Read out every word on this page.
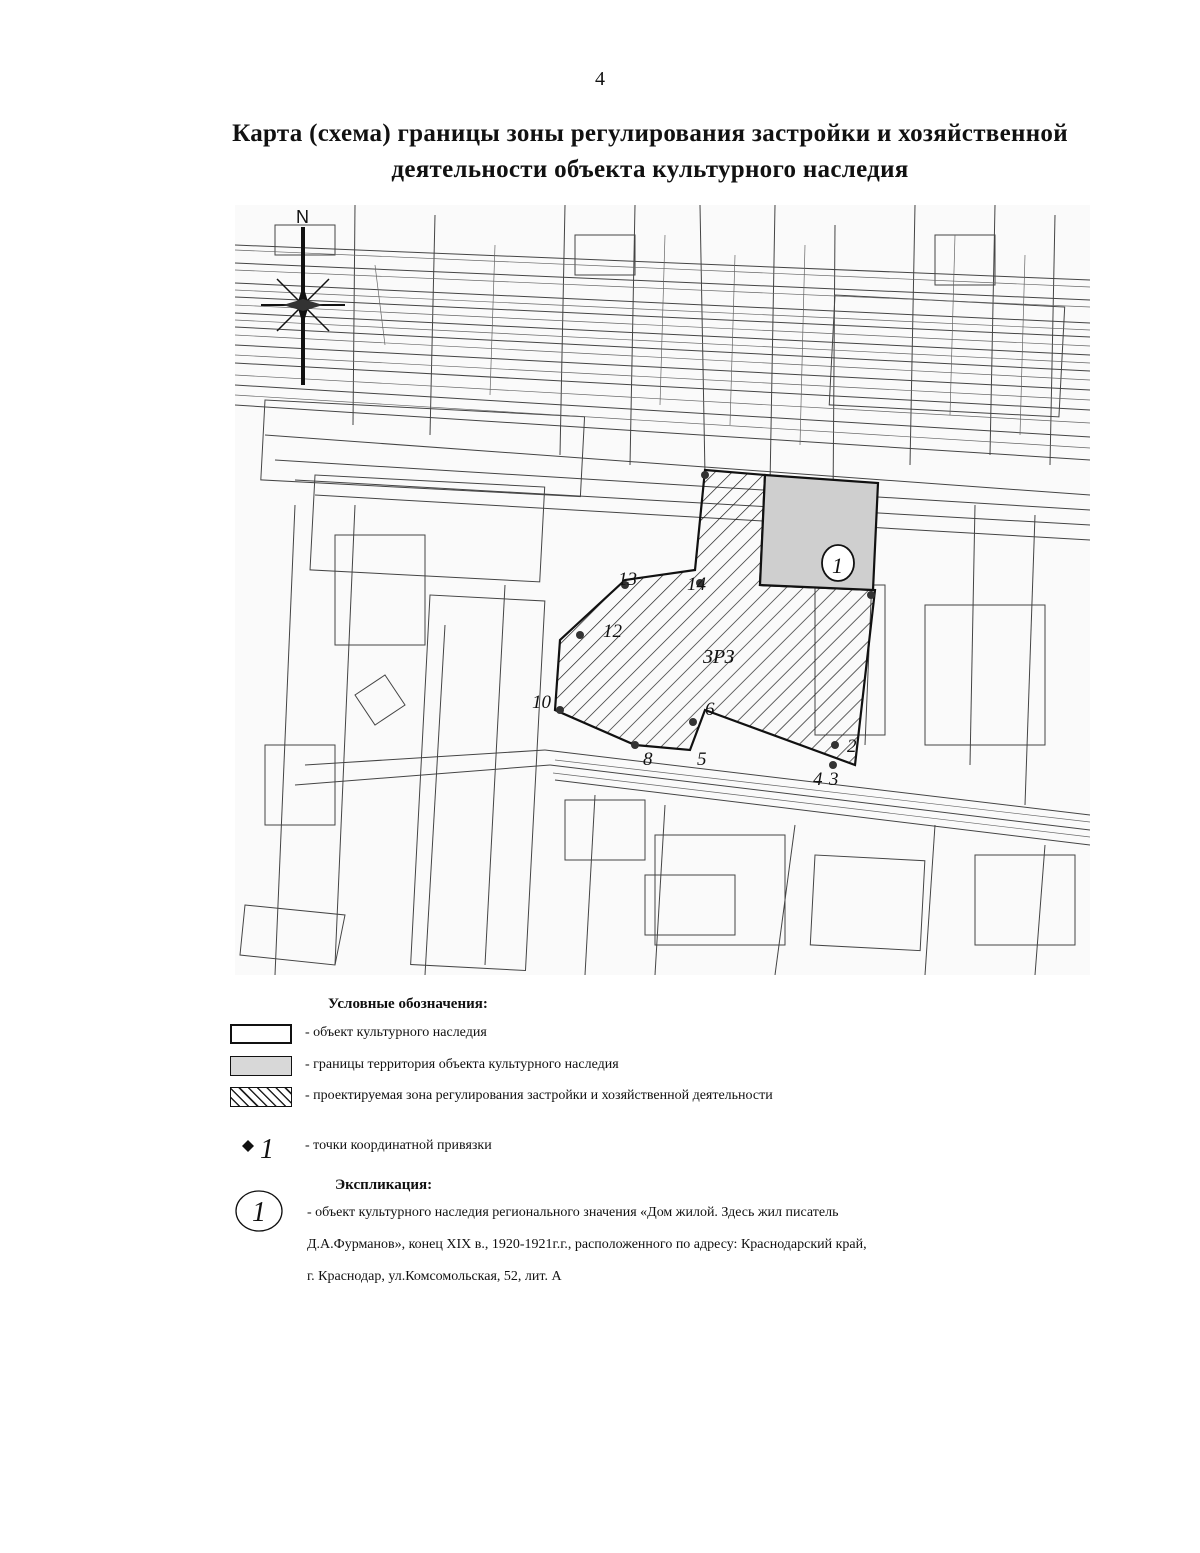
4
Карта (схема) границы зоны регулирования застройки и хозяйственной
деятельности объекта культурного наследия
2
3
4
5
6
8
10
12
13	14
ЗРЗ
1
N
Условные обозначения:
- объект культурного наследия
- границы территория объекта культурного наследия
- проектируемая зона регулирования застройки и хозяйственной деятельности
1 - точки координатной привязки
Экспликация:
1	- объект культурного наследия регионального значения «Дом жилой. Здесь жил писатель
Д.А.Фурманов», конец XIX в., 1920-1921г.г., расположенного по адресу: Краснодарский край,
г. Краснодар, ул.Комсомольская, 52, лит. А
